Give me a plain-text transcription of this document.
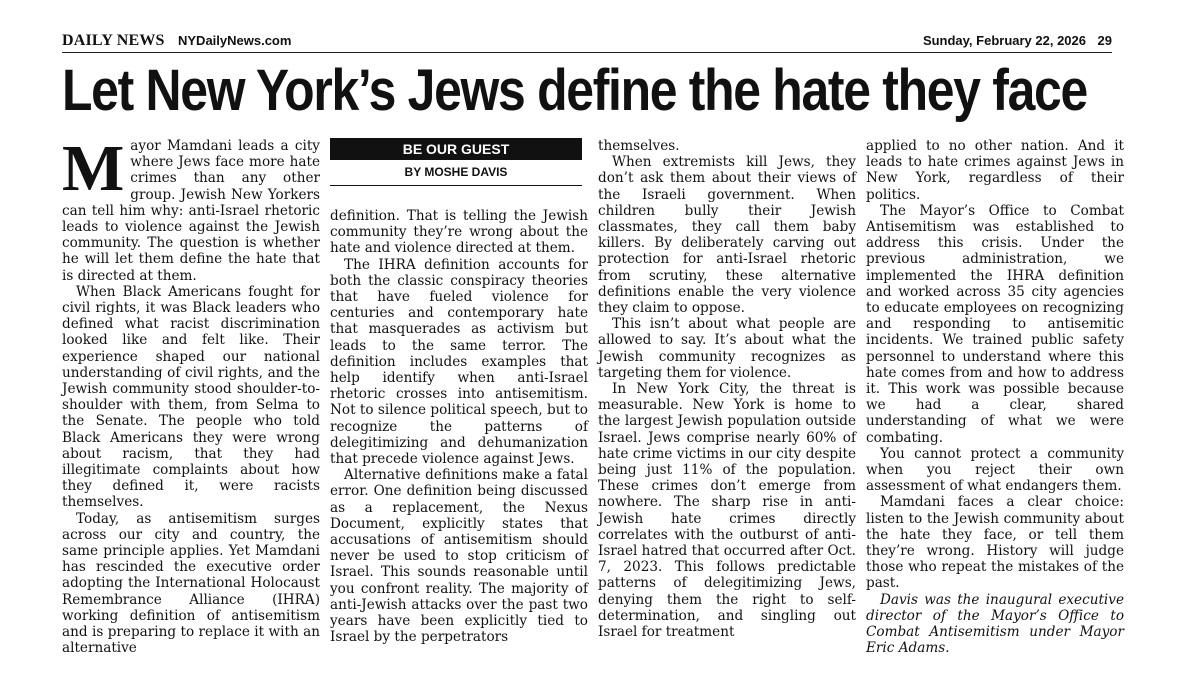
DAILY NEWS NYDailyNews.com	Sunday, February 22, 2026 29
Let New York’s Jews define the hate they face

Mayor Mamdani leads a city where Jews face more hate crimes than any other group. Jewish New Yorkers can tell him why: anti-Israel rhetoric leads to violence against the Jewish community. The question is whether he will let them define the hate that is directed at them.

When Black Americans fought for civil rights, it was Black leaders who defined what racist discrimination looked like and felt like. Their experience shaped our national understanding of civil rights, and the Jewish community stood shoulder-to-shoulder with them, from Selma to the Senate. The people who told Black Americans they were wrong about racism, that they had illegitimate complaints about how they defined it, were racists themselves.

Today, as antisemitism surges across our city and country, the same principle applies. Yet Mamdani has rescinded the executive order adopting the International Holocaust Remembrance Alliance (IHRA) working definition of antisemitism and is preparing to replace it with an alternative

BE OUR GUEST
BY MOSHE DAVIS

definition. That is telling the Jewish community they’re wrong about the hate and violence directed at them.

The IHRA definition accounts for both the classic conspiracy theories that have fueled violence for centuries and contemporary hate that masquerades as activism but leads to the same terror. The definition includes examples that help identify when anti-Israel rhetoric crosses into antisemitism. Not to silence political speech, but to recognize the patterns of delegitimizing and dehumanization that precede violence against Jews.

Alternative definitions make a fatal error. One definition being discussed as a replacement, the Nexus Document, explicitly states that accusations of antisemitism should never be used to stop criticism of Israel. This sounds reasonable until you confront reality. The majority of anti-Jewish attacks over the past two years have been explicitly tied to Israel by the perpetrators

themselves.

When extremists kill Jews, they don’t ask them about their views of the Israeli government. When children bully their Jewish classmates, they call them baby killers. By deliberately carving out protection for anti-Israel rhetoric from scrutiny, these alternative definitions enable the very violence they claim to oppose.

This isn’t about what people are allowed to say. It’s about what the Jewish community recognizes as targeting them for violence.

In New York City, the threat is measurable. New York is home to the largest Jewish population outside Israel. Jews comprise nearly 60% of hate crime victims in our city despite being just 11% of the population. These crimes don’t emerge from nowhere. The sharp rise in anti-Jewish hate crimes directly correlates with the outburst of anti-Israel hatred that occurred after Oct. 7, 2023. This follows predictable patterns of delegitimizing Jews, denying them the right to self-determination, and singling out Israel for treatment

applied to no other nation. And it leads to hate crimes against Jews in New York, regardless of their politics.

The Mayor’s Office to Combat Antisemitism was established to address this crisis. Under the previous administration, we implemented the IHRA definition and worked across 35 city agencies to educate employees on recognizing and responding to antisemitic incidents. We trained public safety personnel to understand where this hate comes from and how to address it. This work was possible because we had a clear, shared understanding of what we were combating.

You cannot protect a community when you reject their own assessment of what endangers them.

Mamdani faces a clear choice: listen to the Jewish community about the hate they face, or tell them they’re wrong. History will judge those who repeat the mistakes of the past.

Davis was the inaugural executive director of the Mayor’s Office to Combat Antisemitism under Mayor Eric Adams.
